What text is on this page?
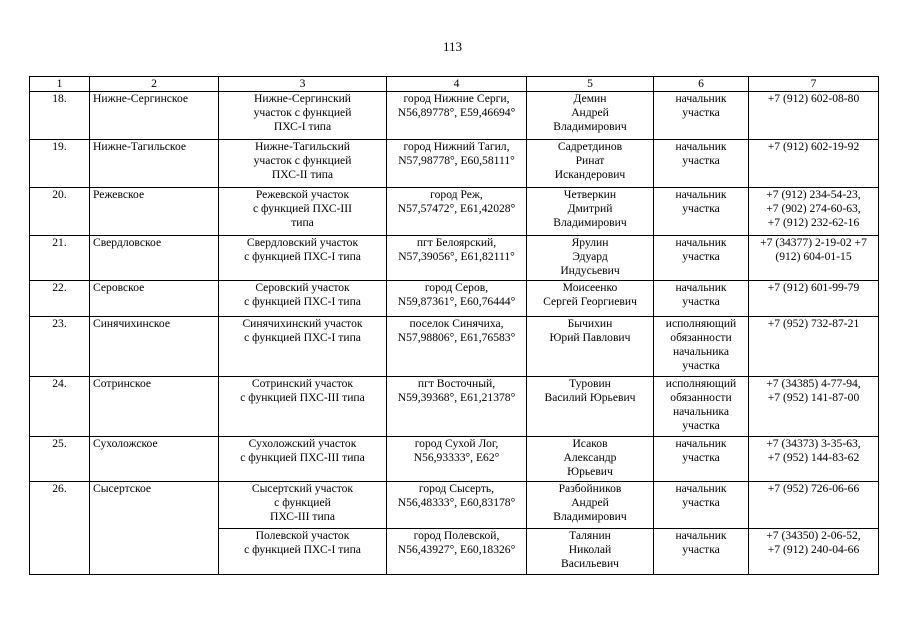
113
1	2	3	4	5	6	7
18.	Нижне-Сергинское	Нижне-Сергинский
участок с функцией
ПХС-I типа	город Нижние Серги,
N56,89778°, E59,46694°	Демин
Андрей
Владимирович	начальник
участка	+7 (912) 602-08-80

19.	Нижне-Тагильское	Нижне-Тагильский
участок с функцией
ПХС-II типа	город Нижний Тагил,
N57,98778°, E60,58111°	Садретдинов
Ринат
Искандерович	начальник
участка	+7 (912) 602-19-92

20.	Режевское	Режевской участок
с функцией ПХС-III
типа	город Реж,
N57,57472°, E61,42028°	Четверкин
Дмитрий
Владимирович	начальник
участка	+7 (912) 234-54-23,
+7 (902) 274-60-63,
+7 (912) 232-62-16

21.	Свердловское	Свердловский участок
с функцией ПХС-I типа	пгт Белоярский,
N57,39056°, E61,82111°	Ярулин
Эдуард
Индусьевич	начальник
участка	+7 (34377) 2-19-02 +7
(912) 604-01-15

22.	Серовское	Серовский участок
с функцией ПХС-I типа	город Серов,
N59,87361°, E60,76444°	Моисеенко
Сергей Георгиевич	начальник
участка	+7 (912) 601-99-79

23.	Синячихинское	Синячихинский участок
с функцией ПХС-I типа	поселок Синячиха,
N57,98806°, E61,76583°	Бычихин
Юрий Павлович	исполняющий
обязанности
начальника
участка	+7 (952) 732-87-21

24.	Сотринское	Сотринский участок
с функцией ПХС-III типа	пгт Восточный,
N59,39368°, E61,21378°	Туровин
Василий Юрьевич	исполняющий
обязанности
начальника
участка	+7 (34385) 4-77-94,
+7 (952) 141-87-00

25.	Сухоложское	Сухоложский участок
с функцией ПХС-III типа	город Сухой Лог,
N56,93333°, E62°	Исаков
Александр
Юрьевич	начальник
участка	+7 (34373) 3-35-63,
+7 (952) 144-83-62

26.	Сысертское	Сысертский участок
с функцией
ПХС-III типа	город Сысерть,
N56,48333°, E60,83178°	Разбойников
Андрей
Владимирович	начальник
участка	+7 (952) 726-06-66

		Полевской участок
с функцией ПХС-I типа	город Полевской,
N56,43927°, E60,18326°	Талянин
Николай
Васильевич	начальник
участка	+7 (34350) 2-06-52,
+7 (912) 240-04-66
